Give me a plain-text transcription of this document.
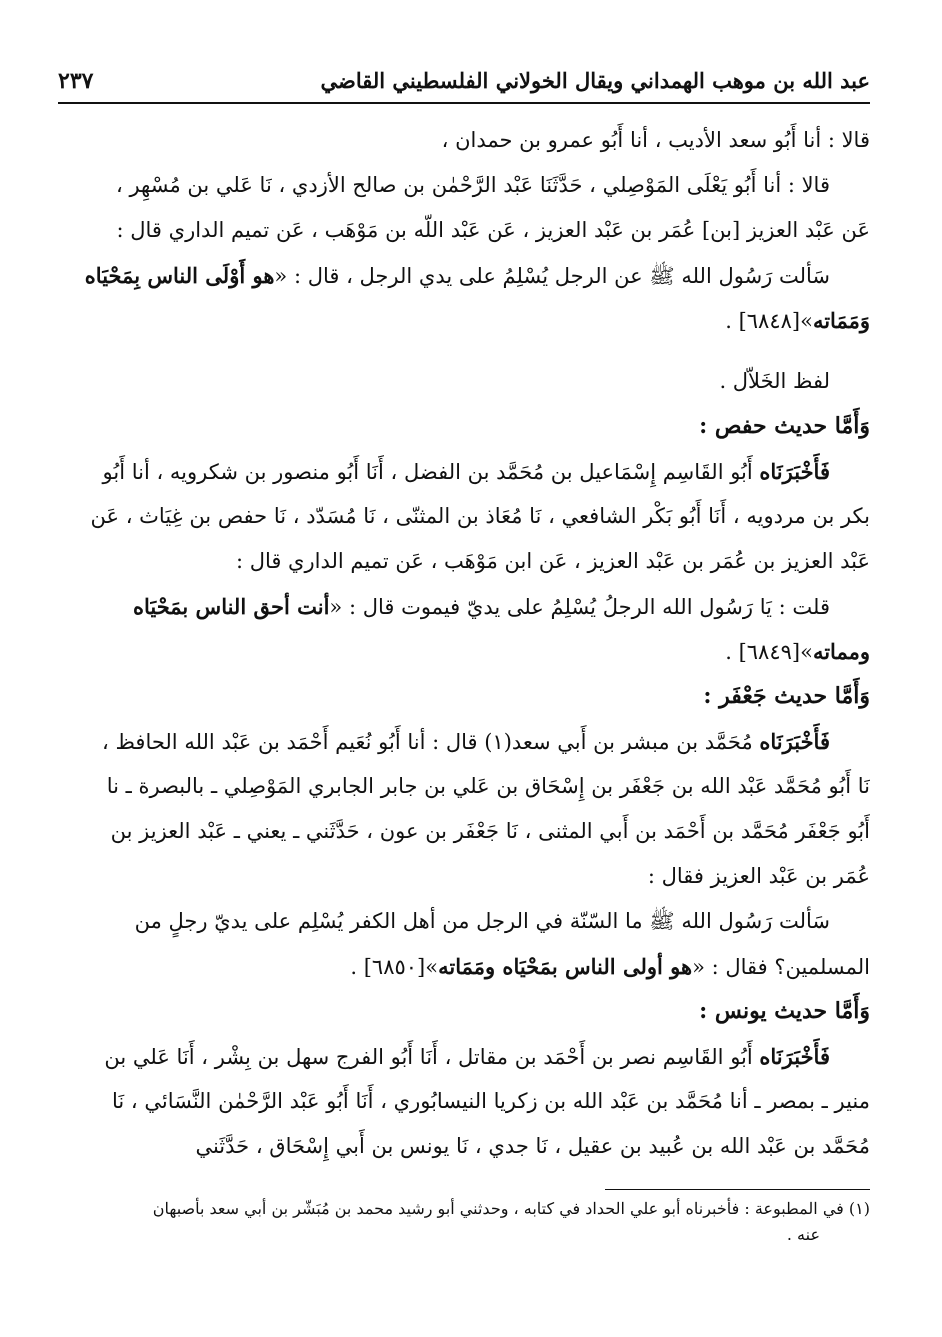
عبد الله بن موهب الهمداني ويقال الخولاني الفلسطيني القاضي
٢٣٧
قالا : أنا أَبُو سعد الأديب ، أنا أَبُو عمرو بن حمدان ،
قالا : أنا أَبُو يَعْلَى المَوْصِلي ، حَدَّثَنَا عَبْد الرَّحْمٰن بن صالح الأزدي ، نَا عَلي بن مُسْهِر ،
عَن عَبْد العزيز [بن] عُمَر بن عَبْد العزيز ، عَن عَبْد اللّه بن مَوْهَب ، عَن تميم الداري قال :
سَألت رَسُول الله ﷺ عن الرجل يُسْلِمُ على يدي الرجل ، قال : «هو أَوْلَى الناس بِمَحْيَاه
وَمَمَاته»[٦٨٤٨] .
لفظ الخَلاّل .
وَأَمَّا حديث حفص :
فَأَخْبَرَنَاه أَبُو القَاسِم إِسْمَاعيل بن مُحَمَّد بن الفضل ، أَنَا أَبُو منصور بن شكرويه ، أنا أَبُو
بكر بن مردويه ، أَنَا أَبُو بَكْر الشافعي ، نَا مُعَاذ بن المثنّى ، نَا مُسَدّد ، نَا حفص بن غِيَاث ، عَن
عَبْد العزيز بن عُمَر بن عَبْد العزيز ، عَن ابن مَوْهَب ، عَن تميم الداري قال :
قلت : يَا رَسُول الله الرجلُ يُسْلِمُ على يديّ فيموت قال : «أنت أحق الناس بمَحْيَاه
ومماته»[٦٨٤٩] .
وَأَمَّا حديث جَعْفَر :
فَأَخْبَرَنَاه مُحَمَّد بن مبشر بن أَبي سعد(١) قال : أنا أَبُو نُعَيم أَحْمَد بن عَبْد الله الحافظ ،
نَا أَبُو مُحَمَّد عَبْد الله بن جَعْفَر بن إِسْحَاق بن عَلي بن جابر الجابري المَوْصِلي ـ بالبصرة ـ نا
أَبُو جَعْفَر مُحَمَّد بن أَحْمَد بن أَبي المثنى ، نَا جَعْفَر بن عون ، حَدَّثَني ـ يعني ـ عَبْد العزيز بن
عُمَر بن عَبْد العزيز فقال :
سَألت رَسُول الله ﷺ ما السّنّة في الرجل من أهل الكفر يُسْلِم على يديّ رجلٍ من
المسلمين؟ فقال : «هو أولى الناس بمَحْيَاه ومَمَاته»[٦٨٥٠] .
وَأَمَّا حديث يونس :
فَأَخْبَرَنَاه أَبُو القَاسِم نصر بن أَحْمَد بن مقاتل ، أَنَا أَبُو الفرج سهل بن بِشْر ، أَنَا عَلي بن
منير ـ بمصر ـ أنا مُحَمَّد بن عَبْد الله بن زكريا النيسابُوري ، أَنَا أَبُو عَبْد الرَّحْمٰن النَّسَائي ، نَا
مُحَمَّد بن عَبْد الله بن عُبيد بن عقيل ، نَا جدي ، نَا يونس بن أَبي إِسْحَاق ، حَدَّثَني
(١) في المطبوعة : فأخبرناه أبو علي الحداد في كتابه ، وحدثني أبو رشيد محمد بن مُبَشّر بن أبي سعد بأصبهان
عنه .
